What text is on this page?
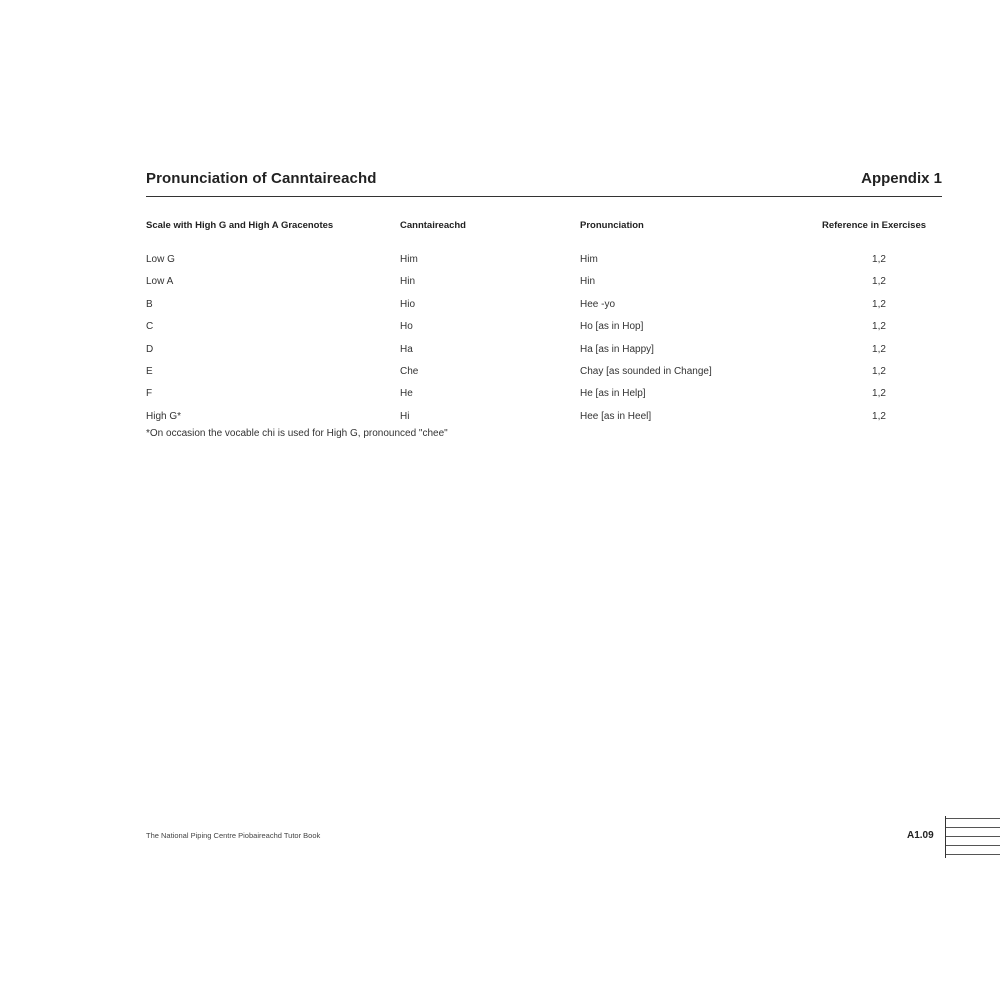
Pronunciation of Canntaireachd	Appendix 1
Scale with High G and High A Gracenotes	Canntaireachd	Pronunciation	Reference in Exercises
Low G	Him	Him	1,2
Low A	Hin	Hin	1,2
B	Hio	Hee -yo	1,2
C	Ho	Ho [as in Hop]	1,2
D	Ha	Ha [as in Happy]	1,2
E	Che	Chay [as sounded in Change]	1,2
F	He	He [as in Help]	1,2
High G*	Hi	Hee [as in Heel]	1,2
*On occasion the vocable chi is used for High G, pronounced "chee"
The National Piping Centre Piobaireachd Tutor Book	A1.09
